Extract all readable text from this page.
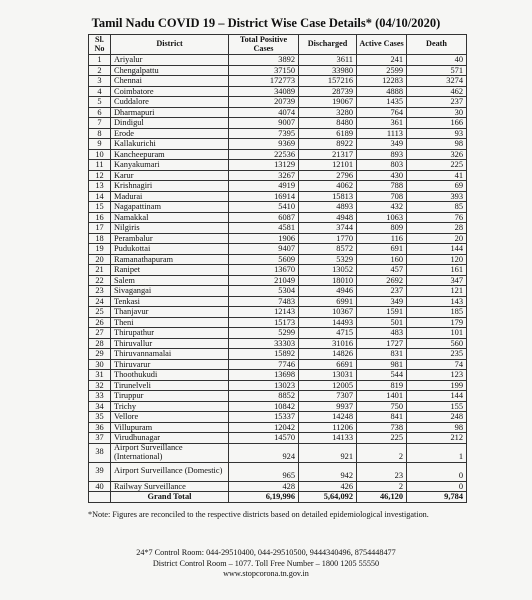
Tamil Nadu COVID 19 – District Wise Case Details* (04/10/2020)
Sl. No	District	Total Positive Cases	Discharged	Active Cases	Death
1	Ariyalur	3892	3611	241	40
2	Chengalpattu	37150	33980	2599	571
3	Chennai	172773	157216	12283	3274
4	Coimbatore	34089	28739	4888	462
5	Cuddalore	20739	19067	1435	237
6	Dharmapuri	4074	3280	764	30
7	Dindigul	9007	8480	361	166
8	Erode	7395	6189	1113	93
9	Kallakurichi	9369	8922	349	98
10	Kancheepuram	22536	21317	893	326
11	Kanyakumari	13129	12101	803	225
12	Karur	3267	2796	430	41
13	Krishnagiri	4919	4062	788	69
14	Madurai	16914	15813	708	393
15	Nagapattinam	5410	4893	432	85
16	Namakkal	6087	4948	1063	76
17	Nilgiris	4581	3744	809	28
18	Perambalur	1906	1770	116	20
19	Pudukottai	9407	8572	691	144
20	Ramanathapuram	5609	5329	160	120
21	Ranipet	13670	13052	457	161
22	Salem	21049	18010	2692	347
23	Sivagangai	5304	4946	237	121
24	Tenkasi	7483	6991	349	143
25	Thanjavur	12143	10367	1591	185
26	Theni	15173	14493	501	179
27	Thirupathur	5299	4715	483	101
28	Thiruvallur	33303	31016	1727	560
29	Thiruvannamalai	15892	14826	831	235
30	Thiruvarur	7746	6691	981	74
31	Thoothukudi	13698	13031	544	123
32	Tirunelveli	13023	12005	819	199
33	Tiruppur	8852	7307	1401	144
34	Trichy	10842	9937	750	155
35	Vellore	15337	14248	841	248
36	Villupuram	12042	11206	738	98
37	Virudhunagar	14570	14133	225	212
38	Airport Surveillance (International)	924	921	2	1
39	Airport Surveillance (Domestic)	965	942	23	0
40	Railway Surveillance	428	426	2	0
	Grand Total	6,19,996	5,64,092	46,120	9,784
*Note: Figures are reconciled to the respective districts based on detailed epidemiological investigation.
24*7 Control Room: 044-29510400, 044-29510500, 9444340496, 8754448477
District Control Room – 1077. Toll Free Number – 1800 1205 55550
www.stopcorona.tn.gov.in
